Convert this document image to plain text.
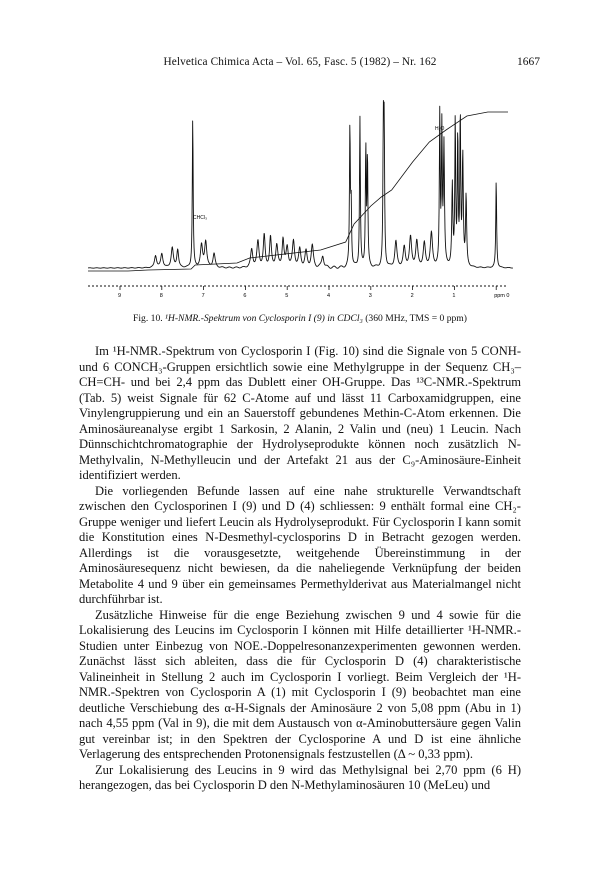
Helvetica Chimica Acta – Vol. 65, Fasc. 5 (1982) – Nr. 162	1667
9	8	7	6	5	4	3	2	1	ppm 0
CHCl₃
H₂O
Fig. 10. ¹H-NMR.-Spektrum von Cyclosporin I (9) in CDCl₃ (360 MHz, TMS = 0 ppm)

Im ¹H-NMR.-Spektrum von Cyclosporin I (Fig. 10) sind die Signale von 5 CONH- und 6 CONCH₃-Gruppen ersichtlich sowie eine Methylgruppe in der Sequenz CH₃–CH=CH- und bei 2,4 ppm das Dublett einer OH-Gruppe. Das ¹³C-NMR.-Spektrum (Tab. 5) weist Signale für 62 C-Atome auf und lässt 11 Carboxamidgruppen, eine Vinylengruppierung und ein an Sauerstoff gebundenes Methin-C-Atom erkennen. Die Aminosäureanalyse ergibt 1 Sarkosin, 2 Alanin, 2 Valin und (neu) 1 Leucin. Nach Dünnschichtchromatographie der Hydrolyseprodukte können noch zusätzlich N-Methylvalin, N-Methylleucin und der Artefakt 21 aus der C₉-Aminosäure-Einheit identifiziert werden.

Die vorliegenden Befunde lassen auf eine nahe strukturelle Verwandtschaft zwischen den Cyclosporinen I (9) und D (4) schliessen: 9 enthält formal eine CH₂-Gruppe weniger und liefert Leucin als Hydrolyseprodukt. Für Cyclosporin I kann somit die Konstitution eines N-Desmethyl-cyclosporins D in Betracht gezogen werden. Allerdings ist die vorausgesetzte, weitgehende Übereinstimmung in der Aminosäuresequenz nicht bewiesen, da die naheliegende Verknüpfung der beiden Metabolite 4 und 9 über ein gemeinsames Permethylderivat aus Materialmangel nicht durchführbar ist.

Zusätzliche Hinweise für die enge Beziehung zwischen 9 und 4 sowie für die Lokalisierung des Leucins im Cyclosporin I können mit Hilfe detaillierter ¹H-NMR.-Studien unter Einbezug von NOE.-Doppelresonanzexperimenten gewonnen werden. Zunächst lässt sich ableiten, dass die für Cyclosporin D (4) charakteristische Valineinheit in Stellung 2 auch im Cyclosporin I vorliegt. Beim Vergleich der ¹H-NMR.-Spektren von Cyclosporin A (1) mit Cyclosporin I (9) beobachtet man eine deutliche Verschiebung des α-H-Signals der Aminosäure 2 von 5,08 ppm (Abu in 1) nach 4,55 ppm (Val in 9), die mit dem Austausch von α-Aminobuttersäure gegen Valin gut vereinbar ist; in den Spektren der Cyclosporine A und D ist eine ähnliche Verlagerung des entsprechenden Protonensignals festzustellen (Δ ~ 0,33 ppm).

Zur Lokalisierung des Leucins in 9 wird das Methylsignal bei 2,70 ppm (6 H) herangezogen, das bei Cyclosporin D den N-Methylaminosäuren 10 (MeLeu) und
